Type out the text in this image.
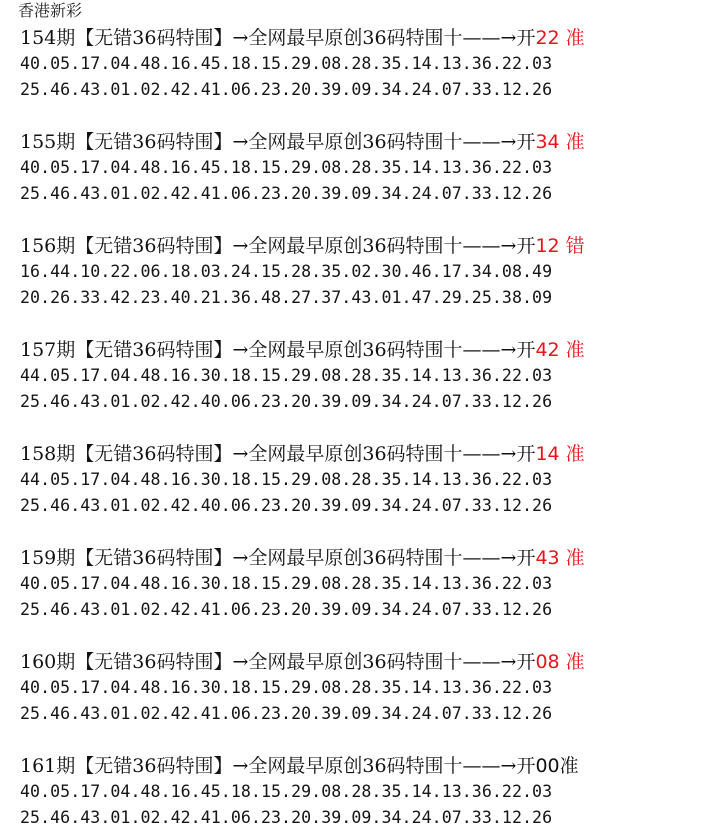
香港新彩
154期【无错36码特围】→全网最早原创36码特围十——→开22 准
40.05.17.04.48.16.45.18.15.29.08.28.35.14.13.36.22.03
25.46.43.01.02.42.41.06.23.20.39.09.34.24.07.33.12.26
155期【无错36码特围】→全网最早原创36码特围十——→开34 准
40.05.17.04.48.16.45.18.15.29.08.28.35.14.13.36.22.03
25.46.43.01.02.42.41.06.23.20.39.09.34.24.07.33.12.26
156期【无错36码特围】→全网最早原创36码特围十——→开12 错
16.44.10.22.06.18.03.24.15.28.35.02.30.46.17.34.08.49
20.26.33.42.23.40.21.36.48.27.37.43.01.47.29.25.38.09
157期【无错36码特围】→全网最早原创36码特围十——→开42 准
44.05.17.04.48.16.30.18.15.29.08.28.35.14.13.36.22.03
25.46.43.01.02.42.40.06.23.20.39.09.34.24.07.33.12.26
158期【无错36码特围】→全网最早原创36码特围十——→开14 准
44.05.17.04.48.16.30.18.15.29.08.28.35.14.13.36.22.03
25.46.43.01.02.42.40.06.23.20.39.09.34.24.07.33.12.26
159期【无错36码特围】→全网最早原创36码特围十——→开43 准
40.05.17.04.48.16.30.18.15.29.08.28.35.14.13.36.22.03
25.46.43.01.02.42.41.06.23.20.39.09.34.24.07.33.12.26
160期【无错36码特围】→全网最早原创36码特围十——→开08 准
40.05.17.04.48.16.30.18.15.29.08.28.35.14.13.36.22.03
25.46.43.01.02.42.41.06.23.20.39.09.34.24.07.33.12.26
161期【无错36码特围】→全网最早原创36码特围十——→开00准
40.05.17.04.48.16.45.18.15.29.08.28.35.14.13.36.22.03
25.46.43.01.02.42.41.06.23.20.39.09.34.24.07.33.12.26
